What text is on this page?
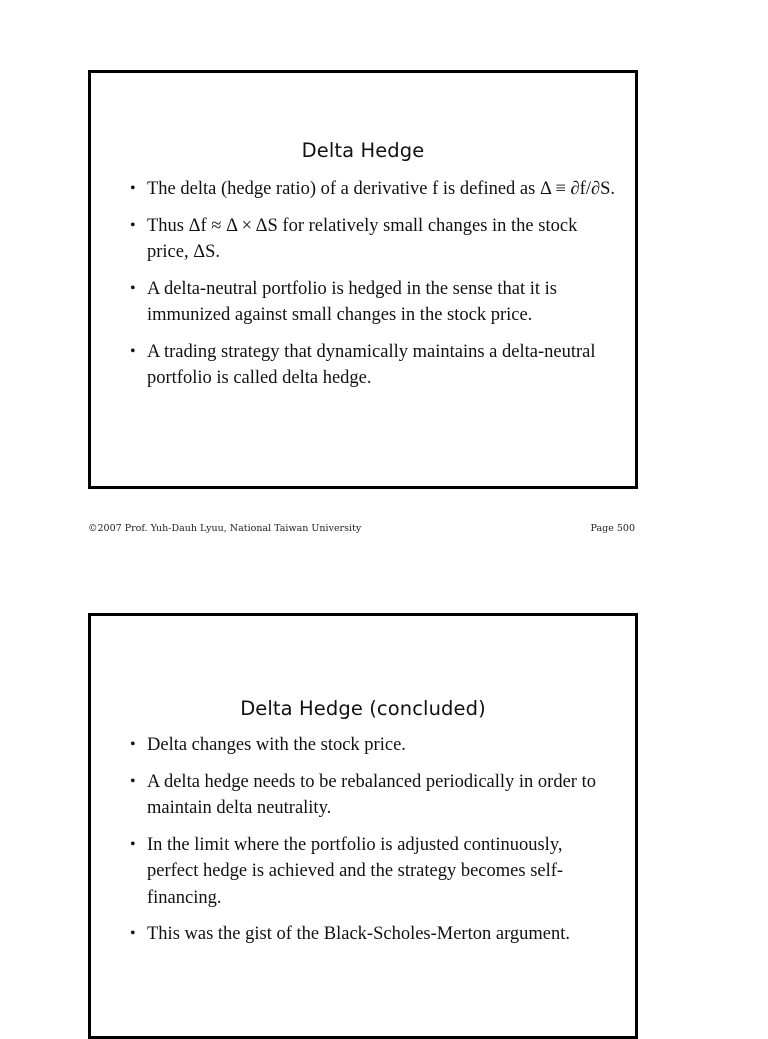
Delta Hedge
• The delta (hedge ratio) of a derivative f is defined as Δ ≡ ∂f/∂S.
• Thus Δf ≈ Δ × ΔS for relatively small changes in the stock price, ΔS.
• A delta-neutral portfolio is hedged in the sense that it is immunized against small changes in the stock price.
• A trading strategy that dynamically maintains a delta-neutral portfolio is called delta hedge.
©2007 Prof. Yuh-Dauh Lyuu, National Taiwan University	Page 500
Delta Hedge (concluded)
• Delta changes with the stock price.
• A delta hedge needs to be rebalanced periodically in order to maintain delta neutrality.
• In the limit where the portfolio is adjusted continuously, perfect hedge is achieved and the strategy becomes self-financing.
• This was the gist of the Black-Scholes-Merton argument.
